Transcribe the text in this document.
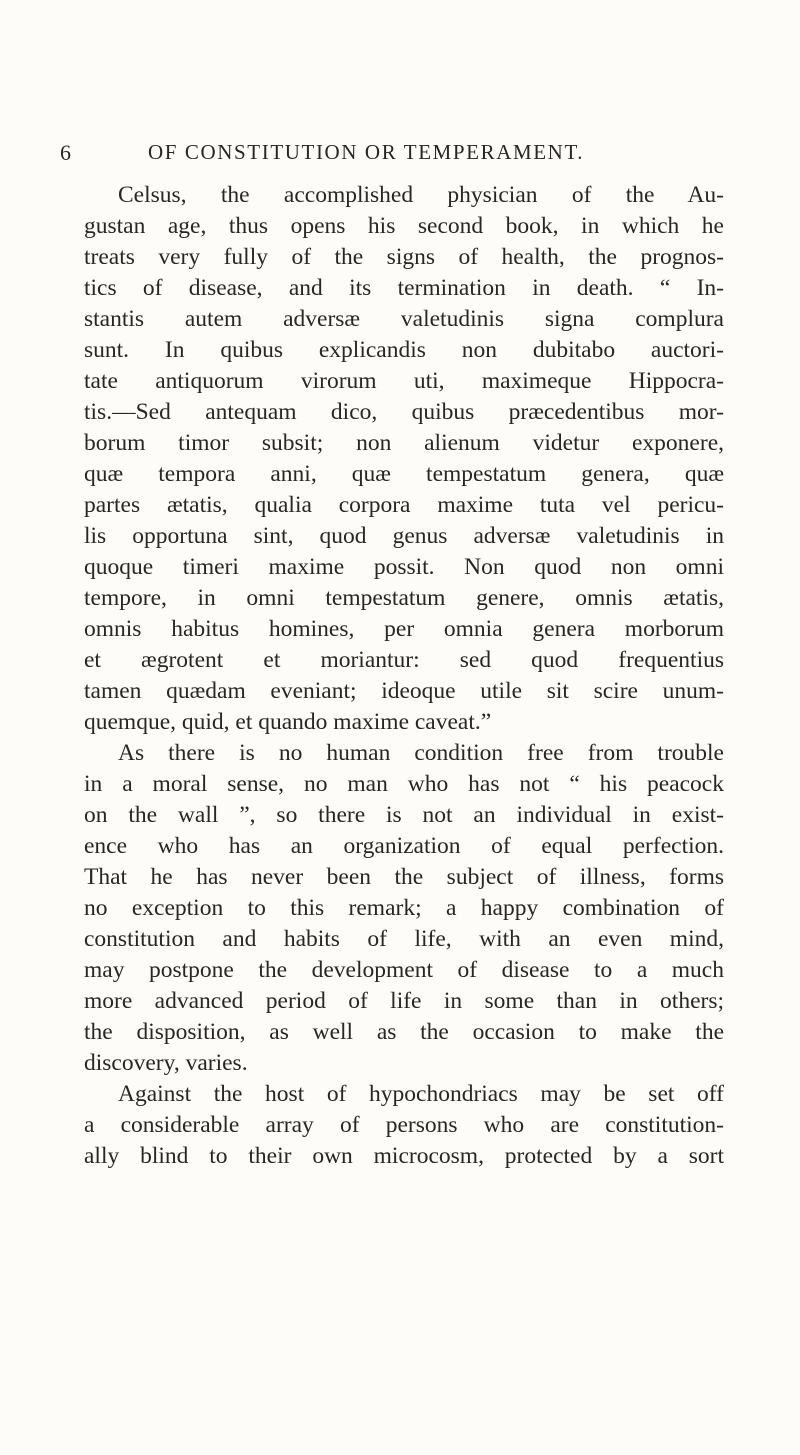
6	OF CONSTITUTION OR TEMPERAMENT.
Celsus, the accomplished physician of the Au-
gustan age, thus opens his second book, in which he
treats very fully of the signs of health, the prognos-
tics of disease, and its termination in death. “ In-
stantis autem adversæ valetudinis signa complura
sunt. In quibus explicandis non dubitabo auctori-
tate antiquorum virorum uti, maximeque Hippocra-
tis.—Sed antequam dico, quibus præcedentibus mor-
borum timor subsit; non alienum videtur exponere,
quæ tempora anni, quæ tempestatum genera, quæ
partes ætatis, qualia corpora maxime tuta vel pericu-
lis opportuna sint, quod genus adversæ valetudinis in
quoque timeri maxime possit. Non quod non omni
tempore, in omni tempestatum genere, omnis ætatis,
omnis habitus homines, per omnia genera morborum
et ægrotent et moriantur: sed quod frequentius
tamen quædam eveniant; ideoque utile sit scire unum-
quemque, quid, et quando maxime caveat.”
As there is no human condition free from trouble
in a moral sense, no man who has not “ his peacock
on the wall ”, so there is not an individual in exist-
ence who has an organization of equal perfection.
That he has never been the subject of illness, forms
no exception to this remark; a happy combination of
constitution and habits of life, with an even mind,
may postpone the development of disease to a much
more advanced period of life in some than in others;
the disposition, as well as the occasion to make the
discovery, varies.
Against the host of hypochondriacs may be set off
a considerable array of persons who are constitution-
ally blind to their own microcosm, protected by a sort
